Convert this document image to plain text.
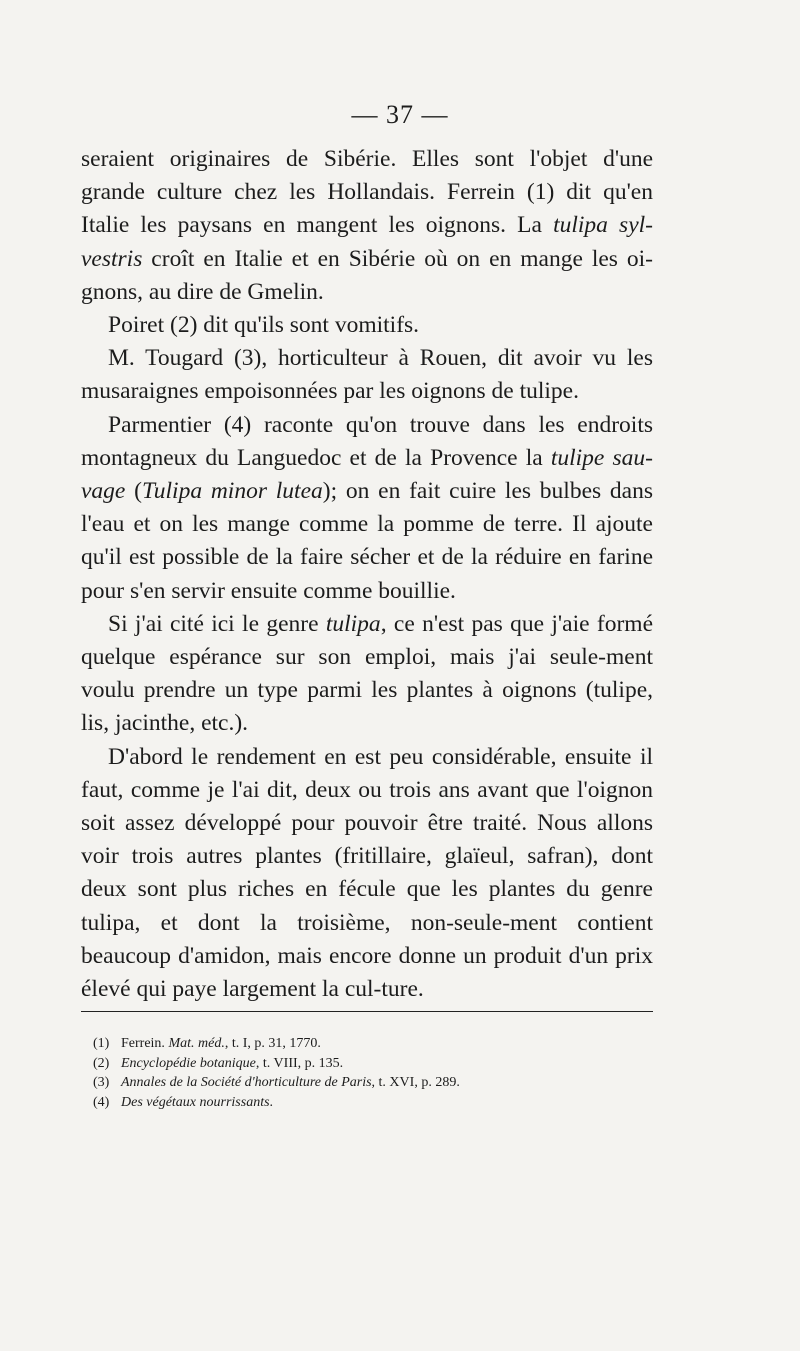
— 37 —

seraient originaires de Sibérie. Elles sont l'objet d'une grande culture chez les Hollandais. Ferrein (1) dit qu'en Italie les paysans en mangent les oignons. La tulipa syl-vestris croît en Italie et en Sibérie où on en mange les oi-gnons, au dire de Gmelin.

Poiret (2) dit qu'ils sont vomitifs.

M. Tougard (3), horticulteur à Rouen, dit avoir vu les musaraignes empoisonnées par les oignons de tulipe.

Parmentier (4) raconte qu'on trouve dans les endroits montagneux du Languedoc et de la Provence la tulipe sau-vage (Tulipa minor lutea); on en fait cuire les bulbes dans l'eau et on les mange comme la pomme de terre. Il ajoute qu'il est possible de la faire sécher et de la réduire en farine pour s'en servir ensuite comme bouillie.

Si j'ai cité ici le genre tulipa, ce n'est pas que j'aie formé quelque espérance sur son emploi, mais j'ai seule-ment voulu prendre un type parmi les plantes à oignons (tulipe, lis, jacinthe, etc.).

D'abord le rendement en est peu considérable, ensuite il faut, comme je l'ai dit, deux ou trois ans avant que l'oignon soit assez développé pour pouvoir être traité. Nous allons voir trois autres plantes (fritillaire, glaïeul, safran), dont deux sont plus riches en fécule que les plantes du genre tulipa, et dont la troisième, non-seule-ment contient beaucoup d'amidon, mais encore donne un produit d'un prix élevé qui paye largement la cul-ture.

(1) Ferrein. Mat. méd., t. I, p. 31, 1770.

(2) Encyclopédie botanique, t. VIII, p. 135.

(3) Annales de la Société d'horticulture de Paris, t. XVI, p. 289.

(4) Des végétaux nourrissants.
